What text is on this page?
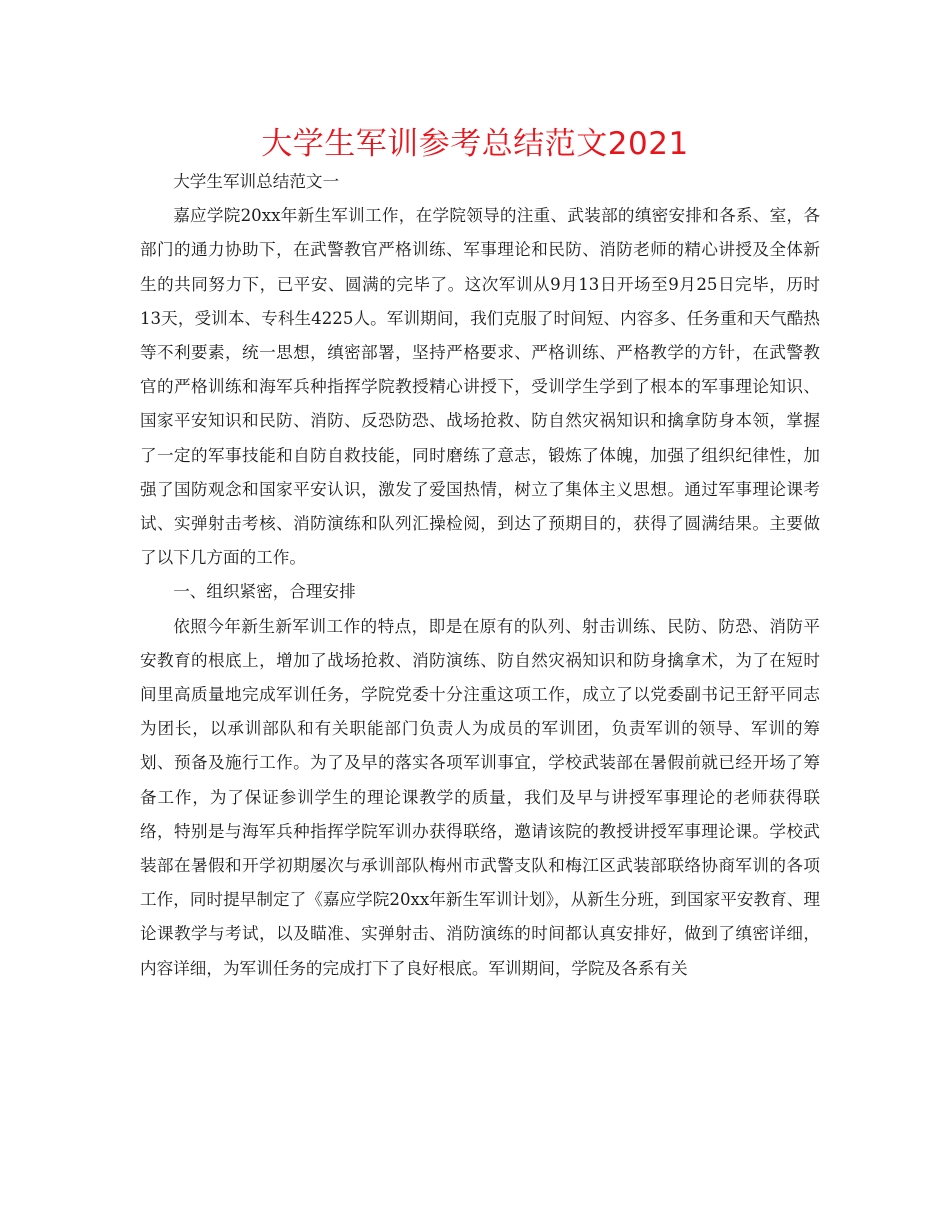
大学生军训参考总结范文2021

大学生军训总结范文一

嘉应学院20xx年新生军训工作，在学院领导的注重、武装部的缜密安排和各系、室，各部门的通力协助下，在武警教官严格训练、军事理论和民防、消防老师的精心讲授及全体新生的共同努力下，已平安、圆满的完毕了。这次军训从9月13日开场至9月25日完毕，历时13天，受训本、专科生4225人。军训期间，我们克服了时间短、内容多、任务重和天气酷热等不利要素，统一思想，缜密部署，坚持严格要求、严格训练、严格教学的方针，在武警教官的严格训练和海军兵种指挥学院教授精心讲授下，受训学生学到了根本的军事理论知识、国家平安知识和民防、消防、反恐防恐、战场抢救、防自然灾祸知识和擒拿防身本领，掌握了一定的军事技能和自防自救技能，同时磨练了意志，锻炼了体魄，加强了组织纪律性，加强了国防观念和国家平安认识，激发了爱国热情，树立了集体主义思想。通过军事理论课考试、实弹射击考核、消防演练和队列汇操检阅，到达了预期目的，获得了圆满结果。主要做了以下几方面的工作。

一、组织紧密，合理安排

依照今年新生新军训工作的特点，即是在原有的队列、射击训练、民防、防恐、消防平安教育的根底上，增加了战场抢救、消防演练、防自然灾祸知识和防身擒拿术，为了在短时间里高质量地完成军训任务，学院党委十分注重这项工作，成立了以党委副书记王舒平同志为团长，以承训部队和有关职能部门负责人为成员的军训团，负责军训的领导、军训的筹划、预备及施行工作。为了及早的落实各项军训事宜，学校武装部在暑假前就已经开场了筹备工作，为了保证参训学生的理论课教学的质量，我们及早与讲授军事理论的老师获得联络，特别是与海军兵种指挥学院军训办获得联络，邀请该院的教授讲授军事理论课。学校武装部在暑假和开学初期屡次与承训部队梅州市武警支队和梅江区武装部联络协商军训的各项工作，同时提早制定了《嘉应学院20xx年新生军训计划》，从新生分班，到国家平安教育、理论课教学与考试，以及瞄准、实弹射击、消防演练的时间都认真安排好，做到了缜密详细，内容详细，为军训任务的完成打下了良好根底。军训期间，学院及各系有关
